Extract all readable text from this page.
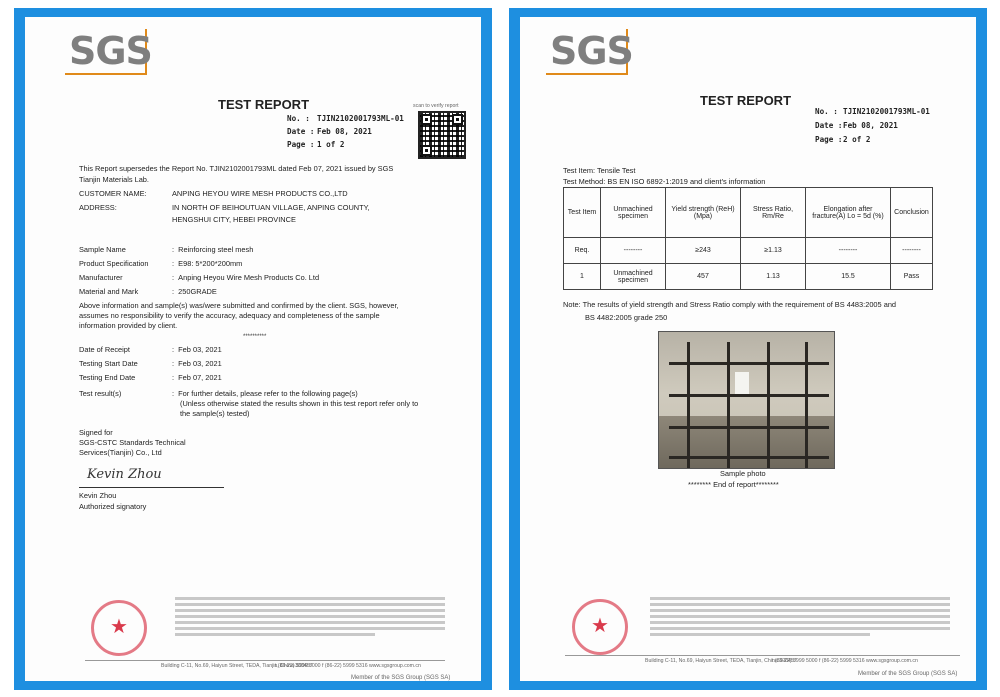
SGS
TEST REPORT
No. : TJIN2102001793ML-01
Date : Feb 08, 2021
Page : 1 of 2
scan to verify report
This Report supersedes the Report No. TJIN2102001793ML dated Feb 07, 2021 issued by SGS
Tianjin Materials Lab.
CUSTOMER NAME:	ANPING HEYOU WIRE MESH PRODUCTS CO.,LTD
ADDRESS:	IN NORTH OF BEIHOUTUAN VILLAGE, ANPING COUNTY,
HENGSHUI CITY, HEBEI PROVINCE
Sample Name	:  Reinforcing steel mesh
Product Specification	:  E98: 5*200*200mm
Manufacturer	:  Anping Heyou Wire Mesh Products Co. Ltd
Material and Mark	:  250GRADE
Above information and sample(s) was/were submitted and confirmed by the client. SGS, however,
assumes no responsibility to verify the accuracy, adequacy and completeness of the sample
information provided by client.
**********
Date of Receipt	:  Feb 03, 2021
Testing Start Date	:  Feb 03, 2021
Testing End Date	:  Feb 07, 2021
Test result(s)	:  For further details, please refer to the following page(s)
(Unless otherwise stated the results shown in this test report refer only to
the sample(s) tested)
Signed for
SGS-CSTC Standards Technical
Services(Tianjin) Co., Ltd
Kevin Zhou
Kevin Zhou
Authorized signatory
★
Building C-11, No.69, Haiyun Street, TEDA, Tianjin, China 300457
t (86-22) 5999 5000 f (86-22) 5999 5316 www.sgsgroup.com.cn
Member of the SGS Group (SGS SA)
SGS
TEST REPORT
No. : TJIN2102001793ML-01
Date : Feb 08, 2021
Page : 2 of 2
Test Item: Tensile Test
Test Method: BS EN ISO 6892-1:2019 and client's information
Test Item	Unmachined specimen	Yield strength (ReH) (Mpa)	Stress Ratio, Rm/Re	Elongation after fracture(A) Lo = 5d (%)	Conclusion
Req.	--------	≥243	≥1.13	--------	--------
1	Unmachined specimen	457	1.13	15.5	Pass
Note: The results of yield strength and Stress Ratio comply with the requirement of BS 4483:2005 and
BS 4482:2005 grade 250
Sample photo
******** End of report********
★
Building C-11, No.69, Haiyun Street, TEDA, Tianjin, China 300457
t (86-22) 5999 5000 f (86-22) 5999 5316 www.sgsgroup.com.cn
Member of the SGS Group (SGS SA)
